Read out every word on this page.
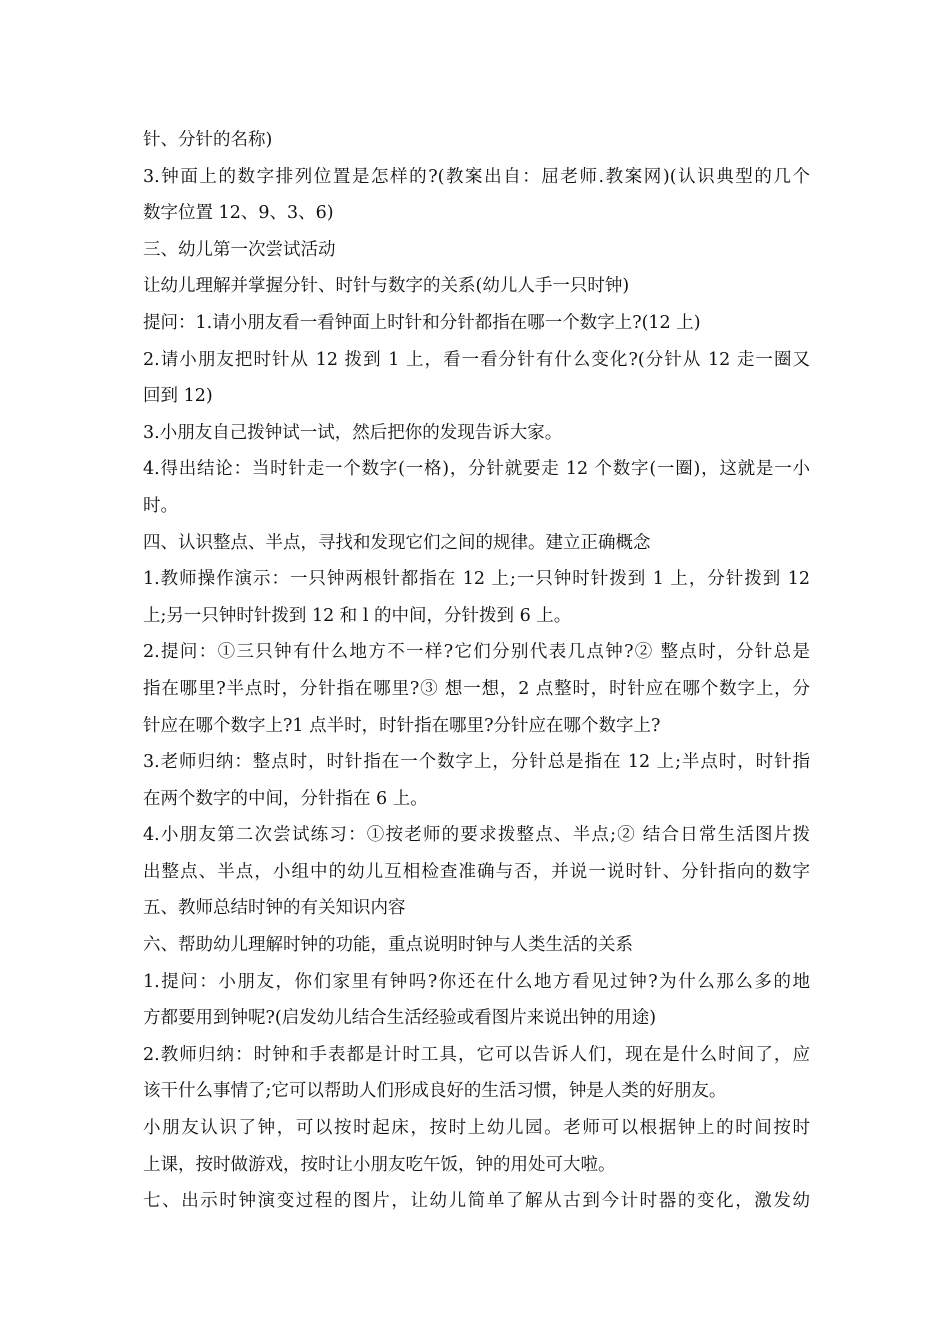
针、分针的名称)
3.钟面上的数字排列位置是怎样的?(教案出自：屈老师.教案网)(认识典型的几个
数字位置 12、9、3、6)
三、幼儿第一次尝试活动
让幼儿理解并掌握分针、时针与数字的关系(幼儿人手一只时钟)
提问：1.请小朋友看一看钟面上时针和分针都指在哪一个数字上?(12 上)
2.请小朋友把时针从 12 拨到 1 上，看一看分针有什么变化?(分针从 12 走一圈又
回到 12)
3.小朋友自己拨钟试一试，然后把你的发现告诉大家。
4.得出结论：当时针走一个数字(一格)，分针就要走 12 个数字(一圈)，这就是一小
时。
四、认识整点、半点，寻找和发现它们之间的规律。建立正确概念
1.教师操作演示：一只钟两根针都指在 12 上;一只钟时针拨到 1 上，分针拨到 12
上;另一只钟时针拨到 12 和 l 的中间，分针拨到 6 上。
2.提问：①三只钟有什么地方不一样?它们分别代表几点钟?② 整点时，分针总是
指在哪里?半点时，分针指在哪里?③ 想一想，2 点整时，时针应在哪个数字上，分
针应在哪个数字上?1 点半时，时针指在哪里?分针应在哪个数字上?
3.老师归纳：整点时，时针指在一个数字上，分针总是指在 12 上;半点时，时针指
在两个数字的中间，分针指在 6 上。
4.小朋友第二次尝试练习：①按老师的要求拨整点、半点;② 结合日常生活图片拨
出整点、半点，小组中的幼儿互相检查准确与否，并说一说时针、分针指向的数字
五、教师总结时钟的有关知识内容
六、帮助幼儿理解时钟的功能，重点说明时钟与人类生活的关系
1.提问：小朋友，你们家里有钟吗?你还在什么地方看见过钟?为什么那么多的地
方都要用到钟呢?(启发幼儿结合生活经验或看图片来说出钟的用途)
2.教师归纳：时钟和手表都是计时工具，它可以告诉人们，现在是什么时间了，应
该干什么事情了;它可以帮助人们形成良好的生活习惯，钟是人类的好朋友。
小朋友认识了钟，可以按时起床，按时上幼儿园。老师可以根据钟上的时间按时
上课，按时做游戏，按时让小朋友吃午饭，钟的用处可大啦。
七、出示时钟演变过程的图片，让幼儿简单了解从古到今计时器的变化，激发幼
